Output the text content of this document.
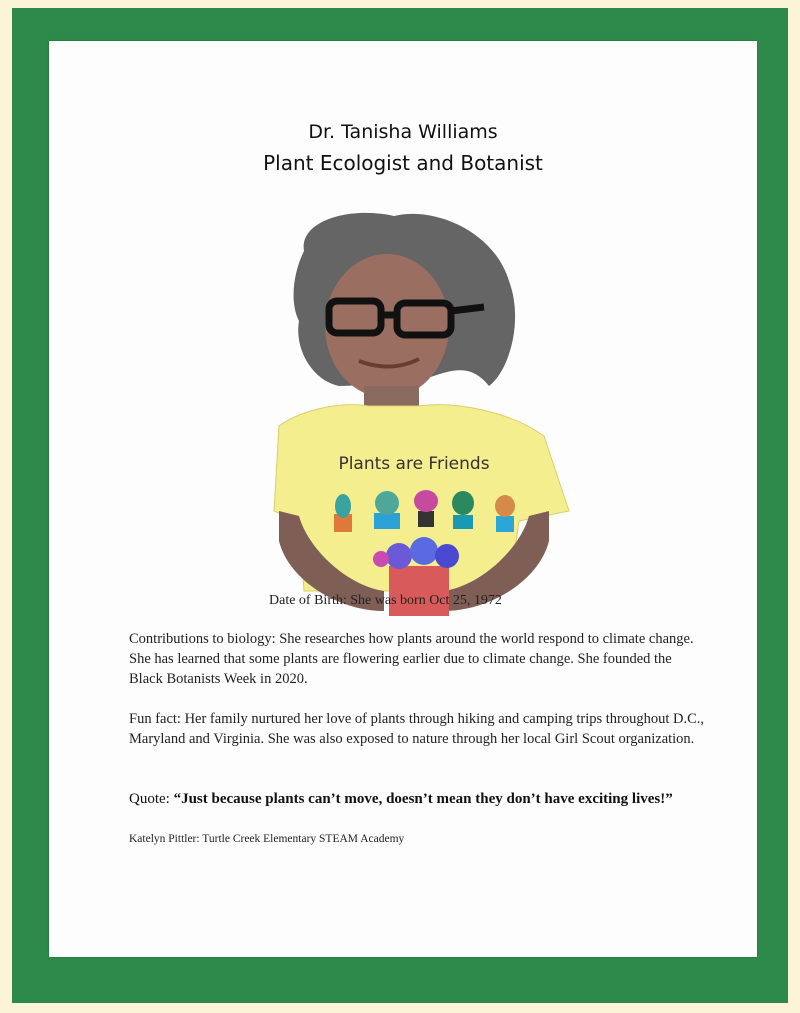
Dr. Tanisha Williams
Plant Ecologist and Botanist
Plants are Friends
Date of Birth: She was born Oct 25, 1972
Contributions to biology: She researches how plants around the world respond to climate change. She has learned that some plants are flowering earlier due to climate change. She founded the Black Botanists Week in 2020.
Fun fact: Her family nurtured her love of plants through hiking and camping trips throughout D.C., Maryland and Virginia. She was also exposed to nature through her local Girl Scout organization.
Quote: “Just because plants can’t move, doesn’t mean they don’t have exciting lives!”
Katelyn Pittler: Turtle Creek Elementary STEAM Academy
